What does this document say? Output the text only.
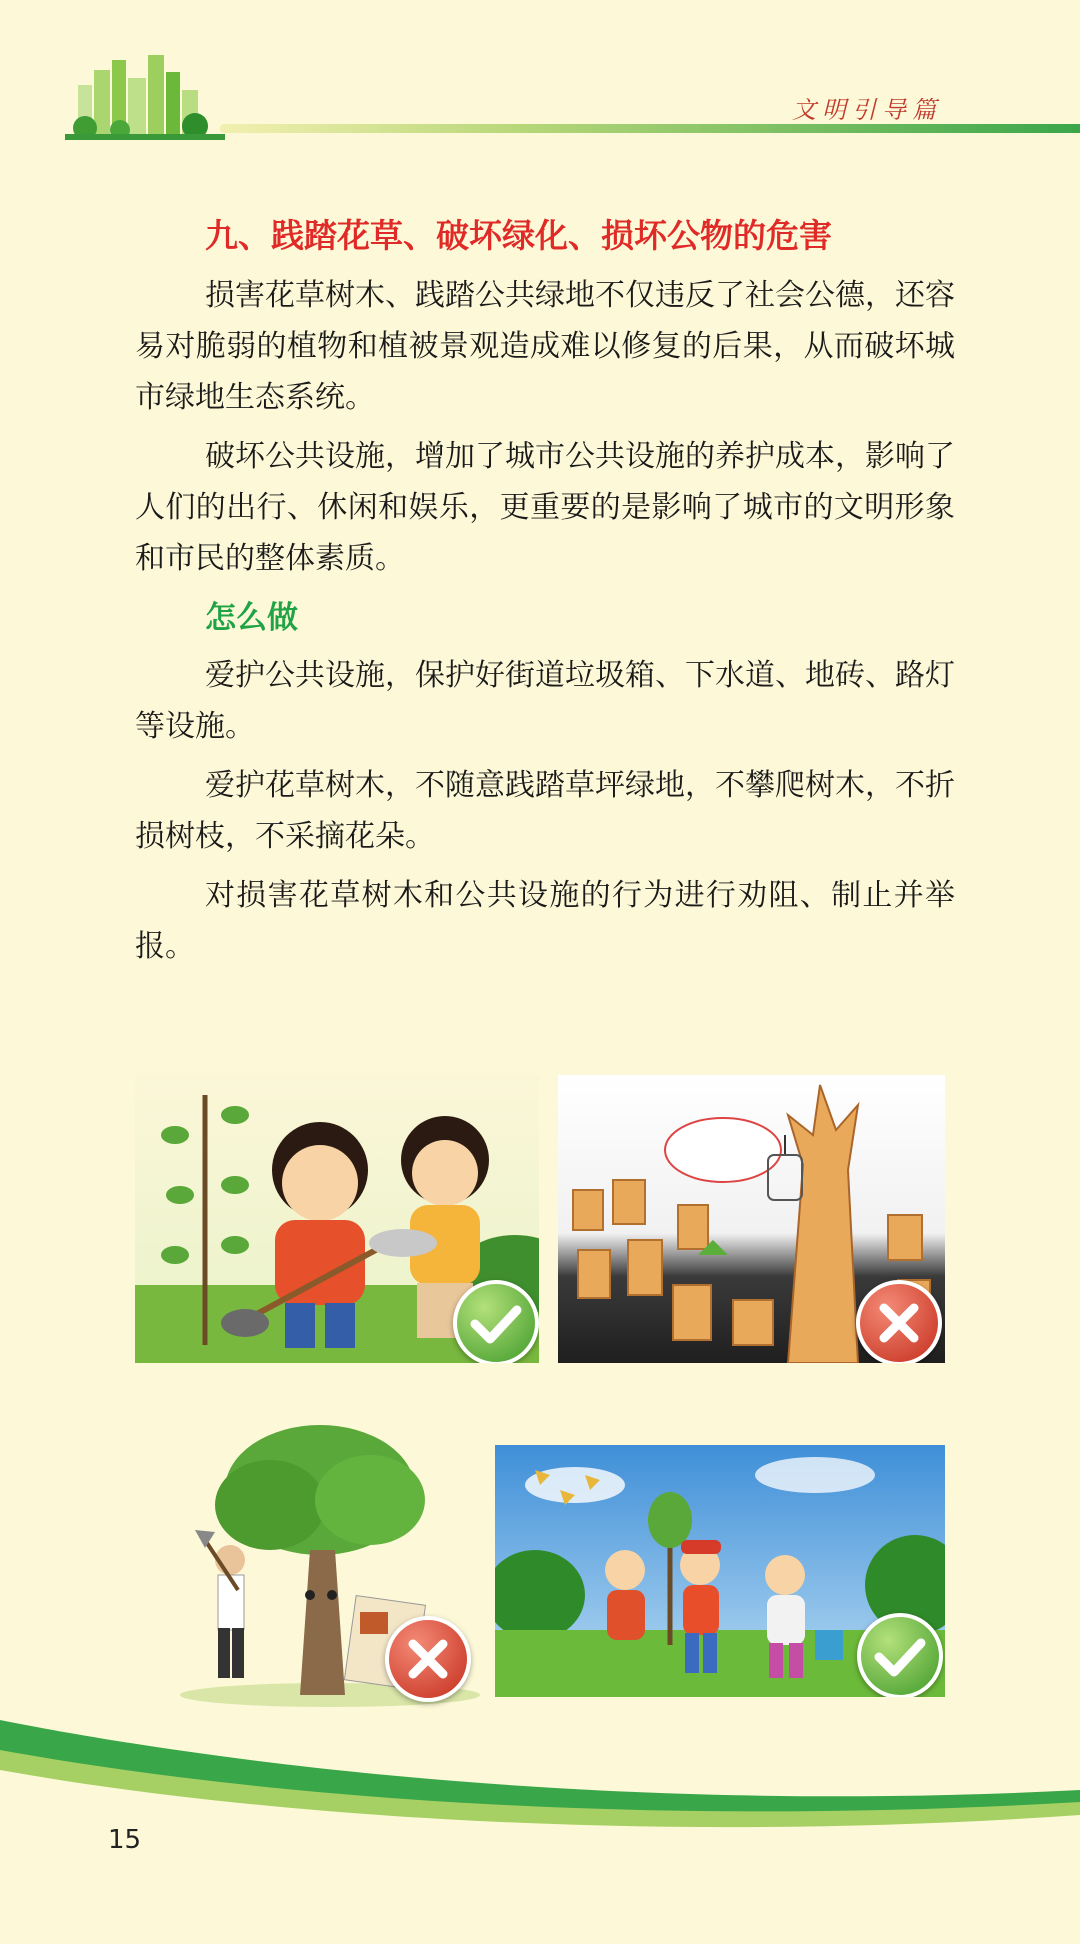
文明引导篇
九、践踏花草、破坏绿化、损坏公物的危害

损害花草树木、践踏公共绿地不仅违反了社会公德，还容易对脆弱的植物和植被景观造成难以修复的后果，从而破坏城市绿地生态系统。

破坏公共设施，增加了城市公共设施的养护成本，影响了人们的出行、休闲和娱乐，更重要的是影响了城市的文明形象和市民的整体素质。

怎么做

爱护公共设施，保护好街道垃圾箱、下水道、地砖、路灯等设施。

爱护花草树木，不随意践踏草坪绿地，不攀爬树木，不折损树枝，不采摘花朵。

对损害花草树木和公共设施的行为进行劝阻、制止并举报。

15
